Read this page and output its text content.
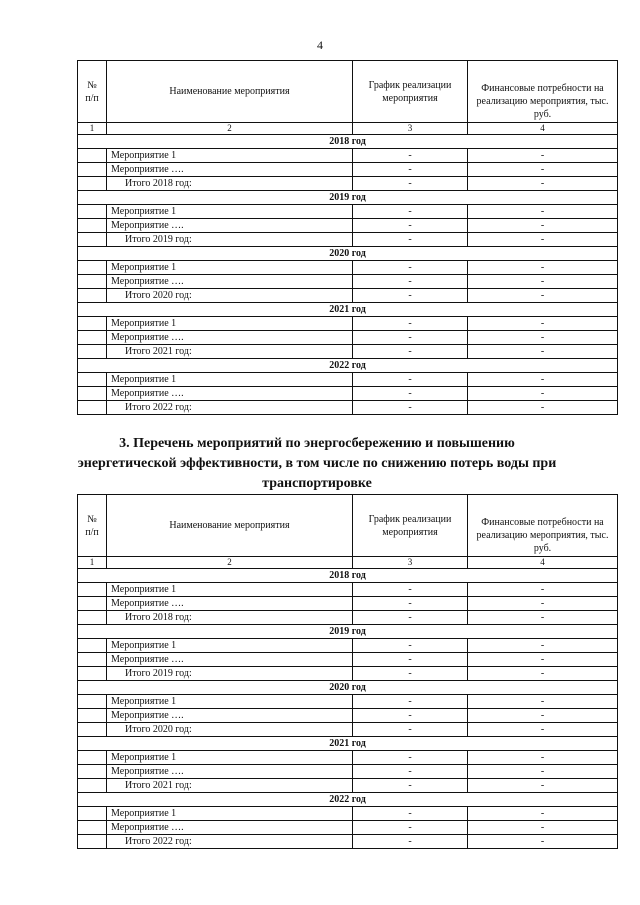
4
№ п/п	Наименование мероприятия	График реализации мероприятия	Финансовые потребности на реализацию мероприятия, тыс. руб.
1	2	3	4
2018 год			
	Мероприятие 1	-	-
	Мероприятие ….	-	-
	Итого 2018 год:	-	-
2019 год			
	Мероприятие 1	-	-
	Мероприятие ….	-	-
	Итого 2019 год:	-	-
2020 год			
	Мероприятие 1	-	-
	Мероприятие ….	-	-
	Итого 2020 год:	-	-
2021 год			
	Мероприятие 1	-	-
	Мероприятие ….	-	-
	Итого 2021 год:	-	-
2022 год			
	Мероприятие 1	-	-
	Мероприятие ….	-	-
	Итого 2022 год:	-	-
3. Перечень мероприятий по энергосбережению и повышению энергетической эффективности, в том числе по снижению потерь воды при транспортировке
№ п/п	Наименование мероприятия	График реализации мероприятия	Финансовые потребности на реализацию мероприятия, тыс. руб.
1	2	3	4
2018 год			
	Мероприятие 1	-	-
	Мероприятие ….	-	-
	Итого 2018 год:	-	-
2019 год			
	Мероприятие 1	-	-
	Мероприятие ….	-	-
	Итого 2019 год:	-	-
2020 год			
	Мероприятие 1	-	-
	Мероприятие ….	-	-
	Итого 2020 год:	-	-
2021 год			
	Мероприятие 1	-	-
	Мероприятие ….	-	-
	Итого 2021 год:	-	-
2022 год			
	Мероприятие 1	-	-
	Мероприятие ….	-	-
	Итого 2022 год:	-	-
